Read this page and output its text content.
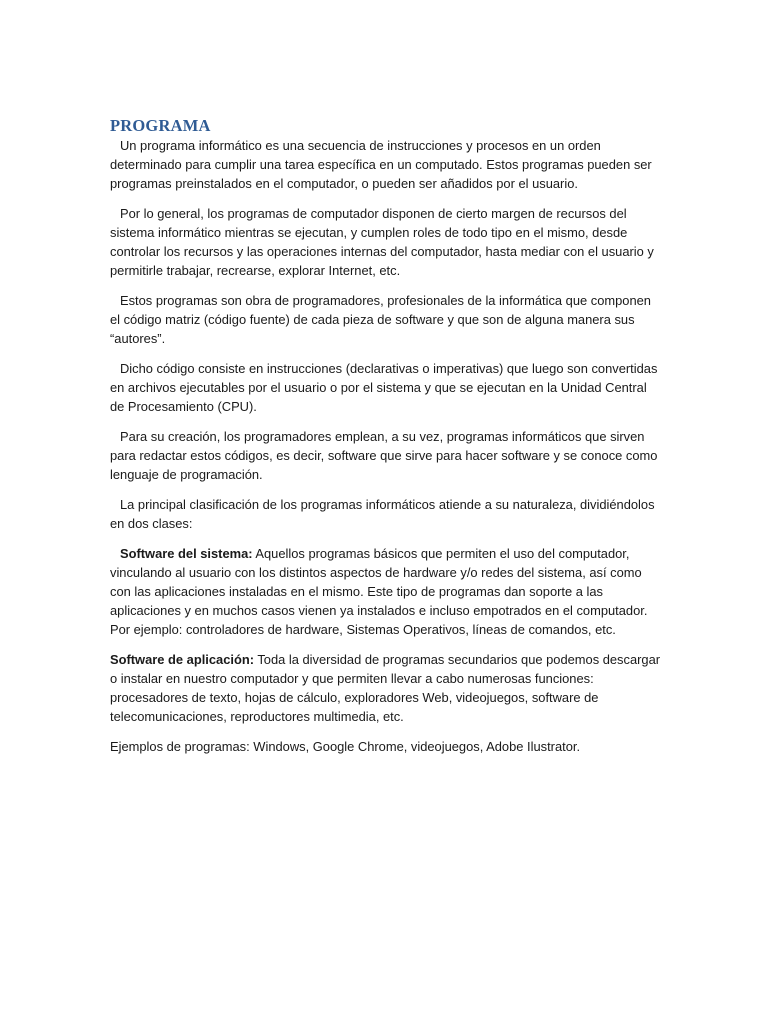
PROGRAMA

Un programa informático es una secuencia de instrucciones y procesos en un orden determinado para cumplir una tarea específica en un computado. Estos programas pueden ser programas preinstalados en el computador, o pueden ser añadidos por el usuario.

Por lo general, los programas de computador disponen de cierto margen de recursos del sistema informático mientras se ejecutan, y cumplen roles de todo tipo en el mismo, desde controlar los recursos y las operaciones internas del computador, hasta mediar con el usuario y permitirle trabajar, recrearse, explorar Internet, etc.

Estos programas son obra de programadores, profesionales de la informática que componen el código matriz (código fuente) de cada pieza de software y que son de alguna manera sus “autores”.

Dicho código consiste en instrucciones (declarativas o imperativas) que luego son convertidas en archivos ejecutables por el usuario o por el sistema y que se ejecutan en la Unidad Central de Procesamiento (CPU).

Para su creación, los programadores emplean, a su vez, programas informáticos que sirven para redactar estos códigos, es decir, software que sirve para hacer software y se conoce como lenguaje de programación.

La principal clasificación de los programas informáticos atiende a su naturaleza, dividiéndolos en dos clases:

Software del sistema: Aquellos programas básicos que permiten el uso del computador, vinculando al usuario con los distintos aspectos de hardware y/o redes del sistema, así como con las aplicaciones instaladas en el mismo. Este tipo de programas dan soporte a las aplicaciones y en muchos casos vienen ya instalados e incluso empotrados en el computador. Por ejemplo: controladores de hardware, Sistemas Operativos, líneas de comandos, etc.

Software de aplicación: Toda la diversidad de programas secundarios que podemos descargar o instalar en nuestro computador y que permiten llevar a cabo numerosas funciones: procesadores de texto, hojas de cálculo, exploradores Web, videojuegos, software de telecomunicaciones, reproductores multimedia, etc.

Ejemplos de programas: Windows, Google Chrome, videojuegos, Adobe Ilustrator.
